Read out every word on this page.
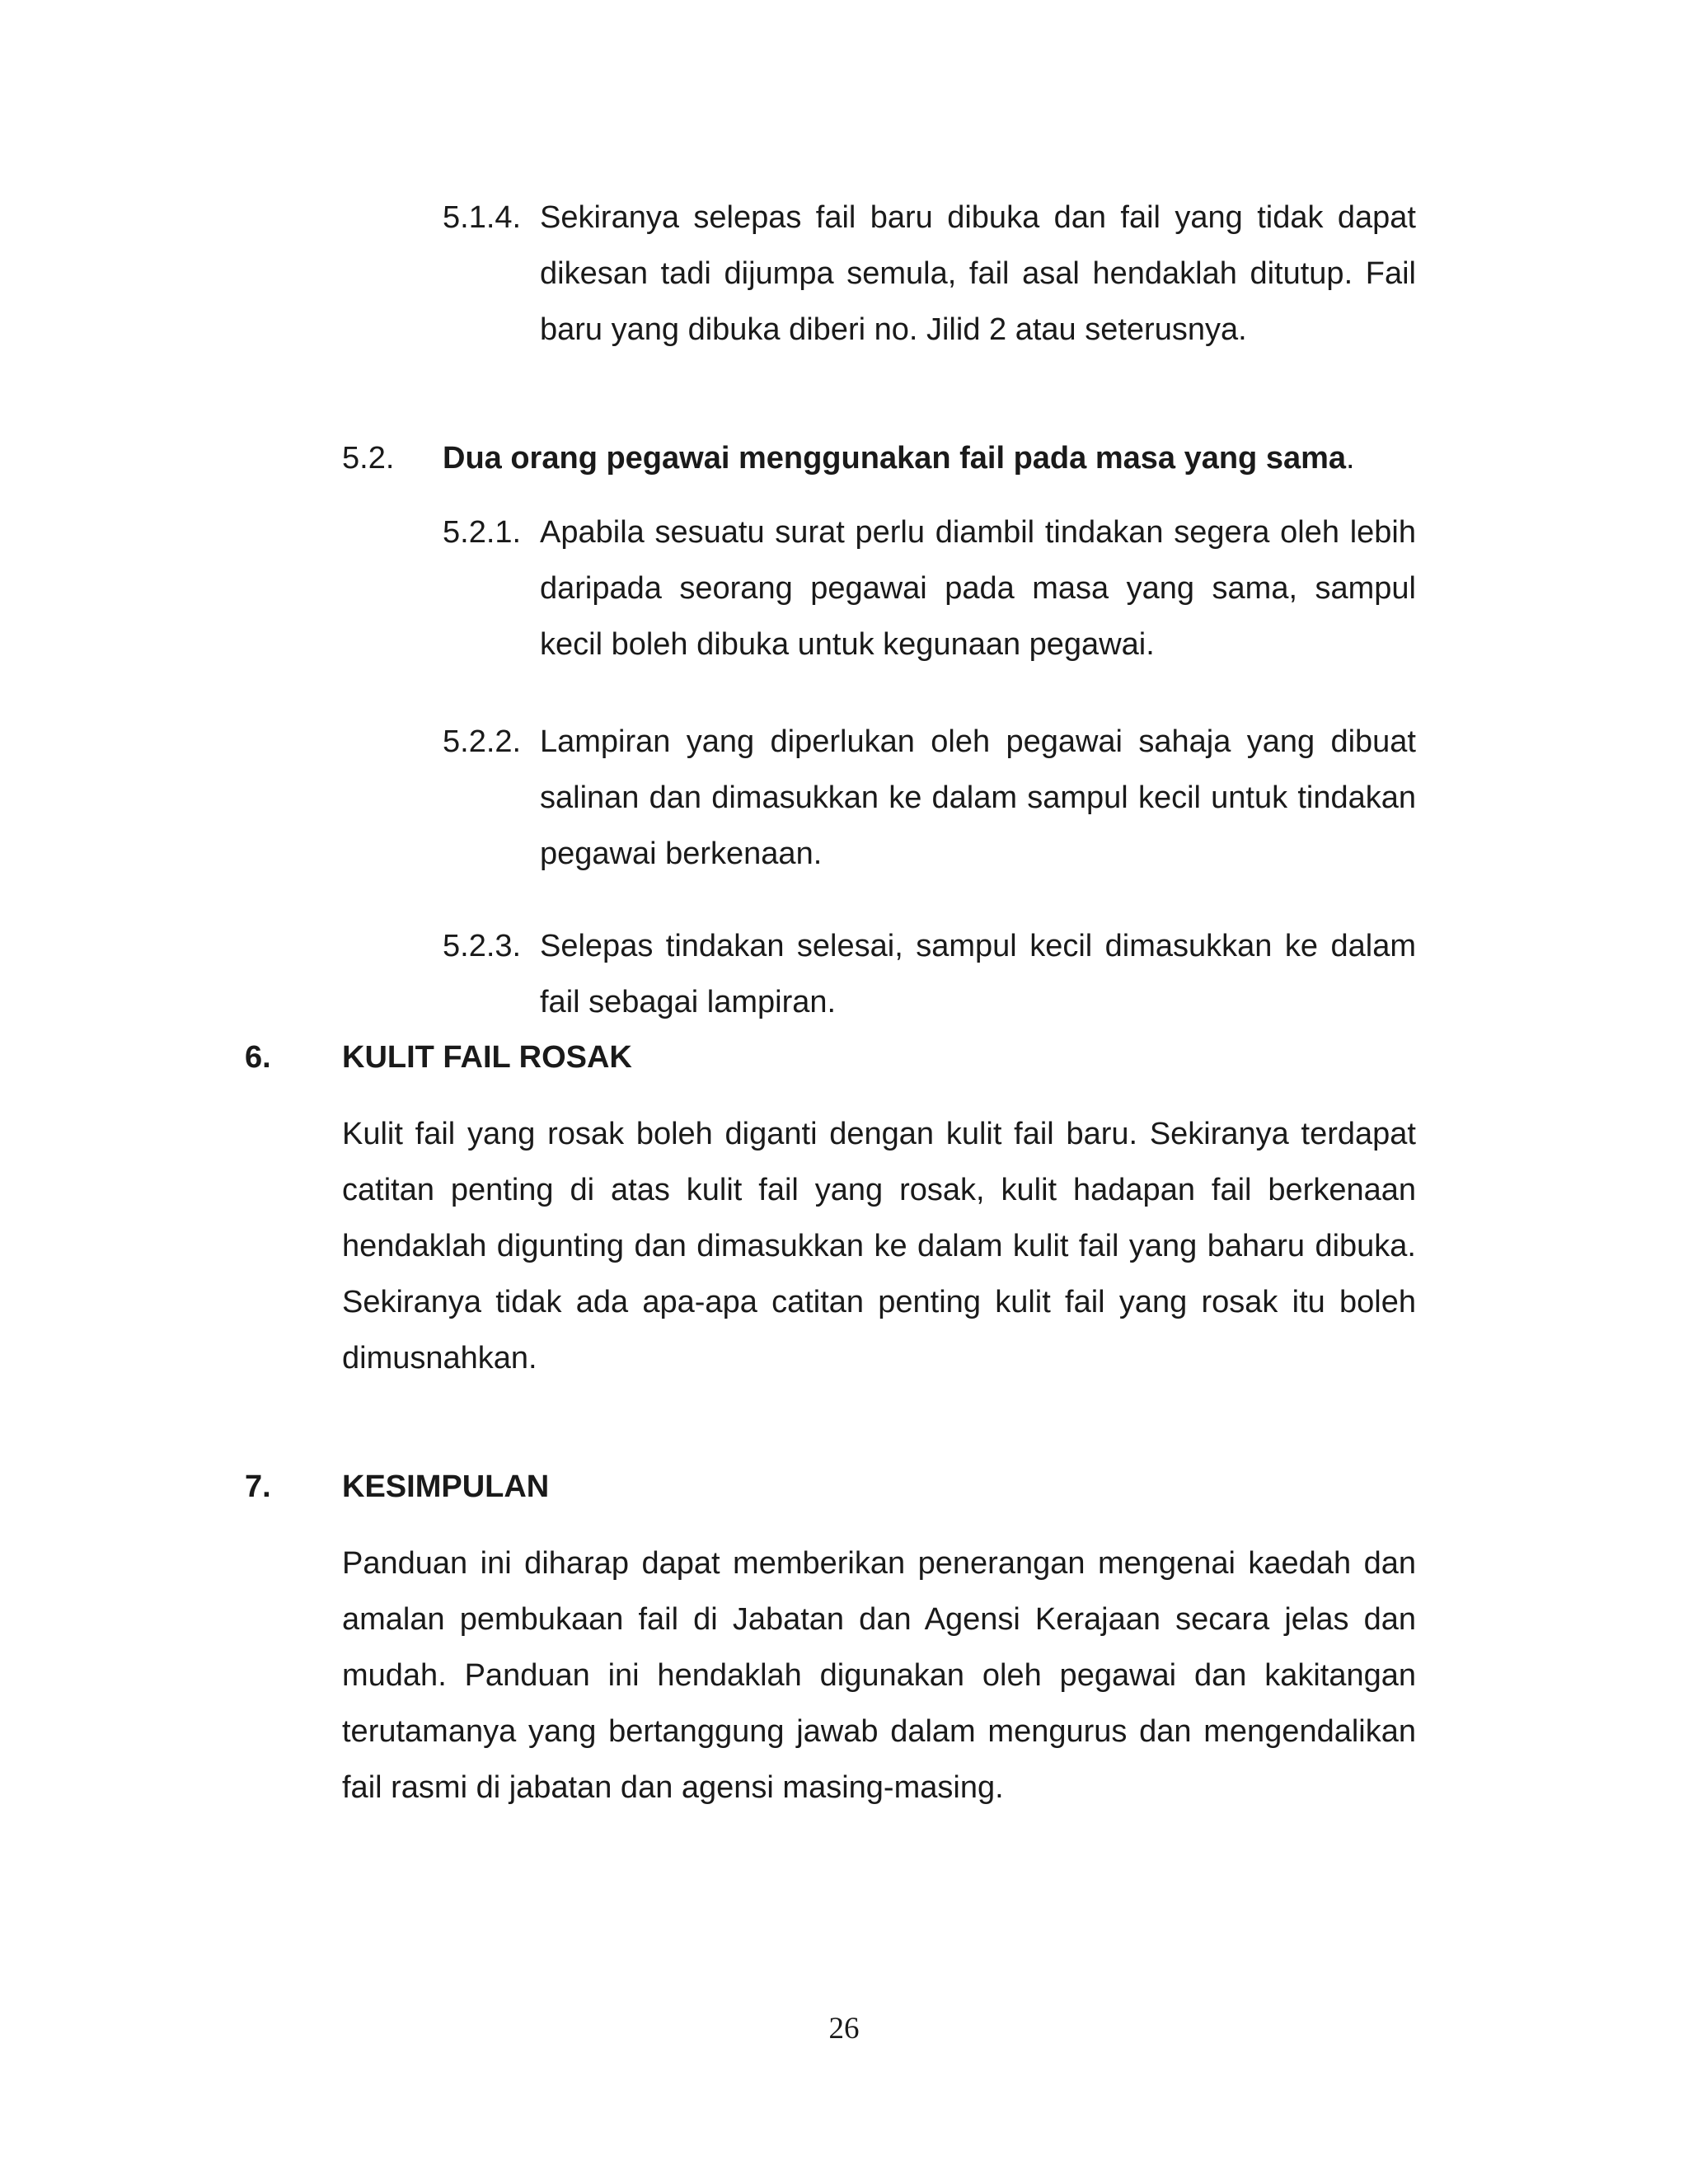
5.1.4. Sekiranya selepas fail baru dibuka dan fail yang tidak dapat dikesan tadi dijumpa semula, fail asal hendaklah ditutup. Fail baru yang dibuka diberi no. Jilid 2 atau seterusnya.
5.2. Dua orang pegawai menggunakan fail pada masa yang sama.
5.2.1. Apabila sesuatu surat perlu diambil tindakan segera oleh lebih daripada seorang pegawai pada masa yang sama, sampul kecil boleh dibuka untuk kegunaan pegawai.
5.2.2. Lampiran yang diperlukan oleh pegawai sahaja yang dibuat salinan dan dimasukkan ke dalam sampul kecil untuk tindakan pegawai berkenaan.
5.2.3. Selepas tindakan selesai, sampul kecil dimasukkan ke dalam fail sebagai lampiran.
6. KULIT FAIL ROSAK
Kulit fail yang rosak boleh diganti dengan kulit fail baru. Sekiranya terdapat catitan penting di atas kulit fail yang rosak, kulit hadapan fail berkenaan hendaklah digunting dan dimasukkan ke dalam kulit fail yang baharu dibuka. Sekiranya tidak ada apa-apa catitan penting kulit fail yang rosak itu boleh dimusnahkan.
7. KESIMPULAN
Panduan ini diharap dapat memberikan penerangan mengenai kaedah dan amalan pembukaan fail di Jabatan dan Agensi Kerajaan secara jelas dan mudah. Panduan ini hendaklah digunakan oleh pegawai dan kakitangan terutamanya yang bertanggung jawab dalam mengurus dan mengendalikan fail rasmi di jabatan dan agensi masing-masing.
26
